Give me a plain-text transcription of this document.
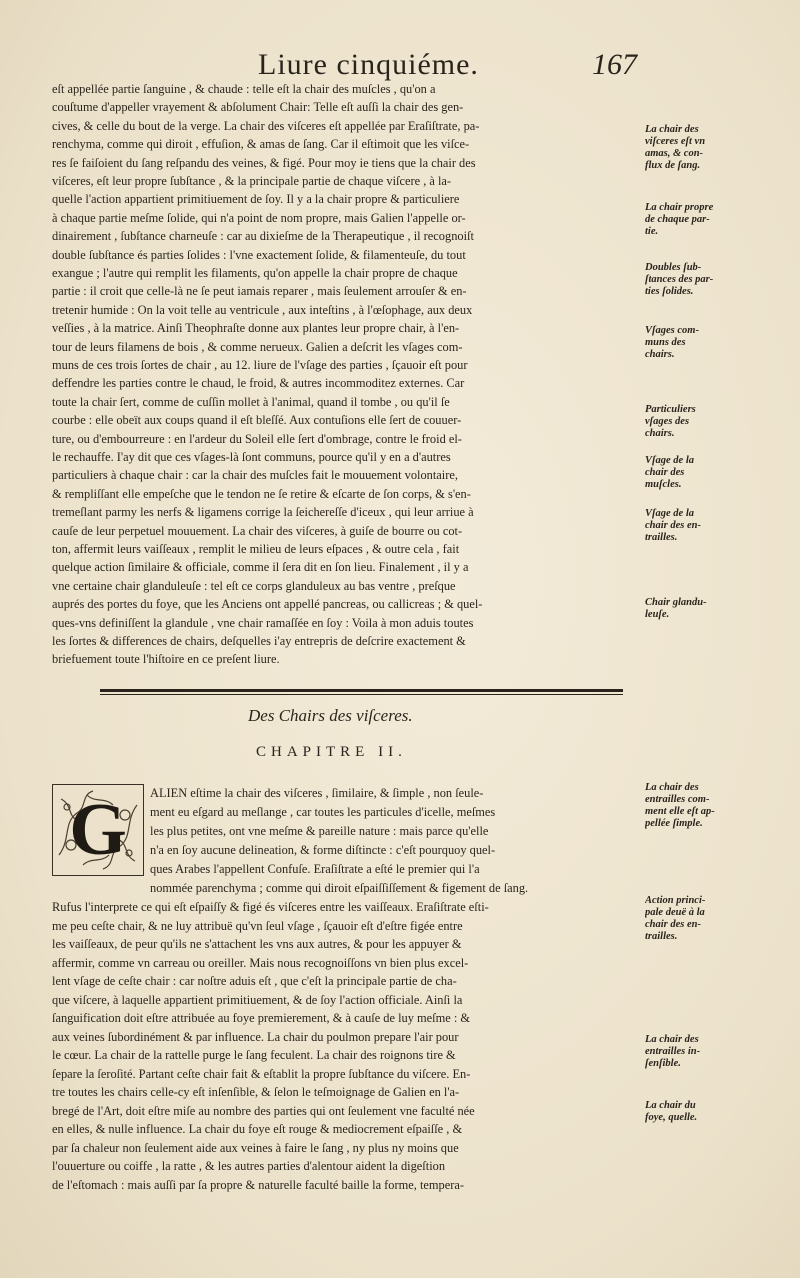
Liure cinquiéme.	167
eſt appellée partie ſanguine , & chaude : telle eſt la chair des muſcles , qu'on a
couſtume d'appeller vrayement & abſolument Chair: Telle eſt auſſi la chair des gen-
cives, & celle du bout de la verge. La chair des viſceres eſt appellée par Eraſiſtrate, pa-
renchyma, comme qui diroit , effuſion, & amas de ſang. Car il eſtimoit que les viſce-
res ſe faiſoient du ſang reſpandu des veines, & figé. Pour moy ie tiens que la chair des
viſceres, eſt leur propre ſubſtance , & la principale partie de chaque viſcere , à la-
quelle l'action appartient primitiuement de ſoy. Il y a la chair propre & particuliere
à chaque partie meſme ſolide, qui n'a point de nom propre, mais Galien l'appelle or-
dinairement , ſubſtance charneuſe : car au dixieſme de la Therapeutique , il recognoiſt
double ſubſtance és parties ſolides : l'vne exactement ſolide, & filamenteuſe, du tout
exangue ; l'autre qui remplit les filaments, qu'on appelle la chair propre de chaque
partie : il croit que celle-là ne ſe peut iamais reparer , mais ſeulement arrouſer & en-
tretenir humide : On la voit telle au ventricule , aux inteſtins , à l'œſophage, aux deux
veſſies , à la matrice. Ainſi Theophraſte donne aux plantes leur propre chair, à l'en-
tour de leurs filamens de bois , & comme nerueux. Galien a deſcrit les vſages com-
muns de ces trois ſortes de chair , au 12. liure de l'vſage des parties , ſçauoir eſt pour
deffendre les parties contre le chaud, le froid, & autres incommoditez externes. Car
toute la chair ſert, comme de cuſſin mollet à l'animal, quand il tombe , ou qu'il ſe
courbe : elle obeït aux coups quand il eſt bleſſé. Aux contuſions elle ſert de couuer-
ture, ou d'embourreure : en l'ardeur du Soleil elle ſert d'ombrage, contre le froid el-
le rechauffe. I'ay dit que ces vſages-là ſont communs, pource qu'il y en a d'autres
particuliers à chaque chair : car la chair des muſcles fait le mouuement volontaire,
& rempliſſant elle empeſche que le tendon ne ſe retire & eſcarte de ſon corps, & s'en-
tremeſlant parmy les nerfs & ligamens corrige la ſeichereſſe d'iceux , qui leur arriue à
cauſe de leur perpetuel mouuement. La chair des viſceres, à guiſe de bourre ou cot-
ton, affermit leurs vaiſſeaux , remplit le milieu de leurs eſpaces , & outre cela , fait
quelque action ſimilaire & officiale, comme il ſera dit en ſon lieu. Finalement , il y a
vne certaine chair glanduleuſe : tel eſt ce corps glanduleux au bas ventre , preſque
auprés des portes du foye, que les Anciens ont appellé pancreas, ou callicreas ; & quel-
ques-vns definiſſent la glandule , vne chair ramaſſée en ſoy : Voila à mon aduis toutes
les ſortes & differences de chairs, deſquelles i'ay entrepris de deſcrire exactement &
briefuement toute l'hiſtoire en ce preſent liure.
La chair des
viſceres eſt vn
amas, & con-
flux de ſang.
La chair propre
de chaque par-
tie.
Doubles ſub-
ſtances des par-
ties ſolides.
Vſages com-
muns des
chairs.
Particuliers
vſages des
chairs.
Vſage de la
chair des
muſcles.
Vſage de la
chair des en-
trailles.
Chair glandu-
leuſe.
Des Chairs des viſceres.
CHAPITRE II.
G	ALIEN eſtime la chair des viſceres , ſimilaire, & ſimple , non ſeule-
ment eu eſgard au meſlange , car toutes les particules d'icelle, meſmes
les plus petites, ont vne meſme & pareille nature : mais parce qu'elle
n'a en ſoy aucune delineation, & forme diſtincte : c'eſt pourquoy quel-
ques Arabes l'appellent Confuſe. Eraſiſtrate a eſté le premier qui l'a
nommée parenchyma ; comme qui diroit eſpaiſſiſſement & figement de ſang.
Rufus l'interprete ce qui eſt eſpaiſſy & figé és viſceres entre les vaiſſeaux. Eraſiſtrate eſti-
me peu ceſte chair, & ne luy attribuë qu'vn ſeul vſage , ſçauoir eſt d'eſtre figée entre
les vaiſſeaux, de peur qu'ils ne s'attachent les vns aux autres, & pour les appuyer &
affermir, comme vn carreau ou oreiller. Mais nous recognoiſſons vn bien plus excel-
lent vſage de ceſte chair : car noſtre aduis eſt , que c'eſt la principale partie de cha-
que viſcere, à laquelle appartient primitiuement, & de ſoy l'action officiale. Ainſi la
ſanguification doit eſtre attribuée au foye premierement, & à cauſe de luy meſme : &
aux veines ſubordinément & par influence. La chair du poulmon prepare l'air pour
le cœur. La chair de la rattelle purge le ſang feculent. La chair des roignons tire &
ſepare la ſeroſité. Partant ceſte chair fait & eſtablit la propre ſubſtance du viſcere. En-
tre toutes les chairs celle-cy eſt inſenſible, & ſelon le teſmoignage de Galien en l'a-
bregé de l'Art, doit eſtre miſe au nombre des parties qui ont ſeulement vne faculté née
en elles, & nulle influence. La chair du foye eſt rouge & mediocrement eſpaiſſe , &
par ſa chaleur non ſeulement aide aux veines à faire le ſang , ny plus ny moins que
l'ouuerture ou coiffe , la ratte , & les autres parties d'alentour aident la digeſtion
de l'eſtomach : mais auſſi par ſa propre & naturelle faculté baille la forme, tempera-
La chair des
entrailles com-
ment elle eſt ap-
pellée ſimple.
Action princi-
pale deuë à la
chair des en-
trailles.
La chair des
entrailles in-
ſenſible.
La chair du
foye, quelle.
